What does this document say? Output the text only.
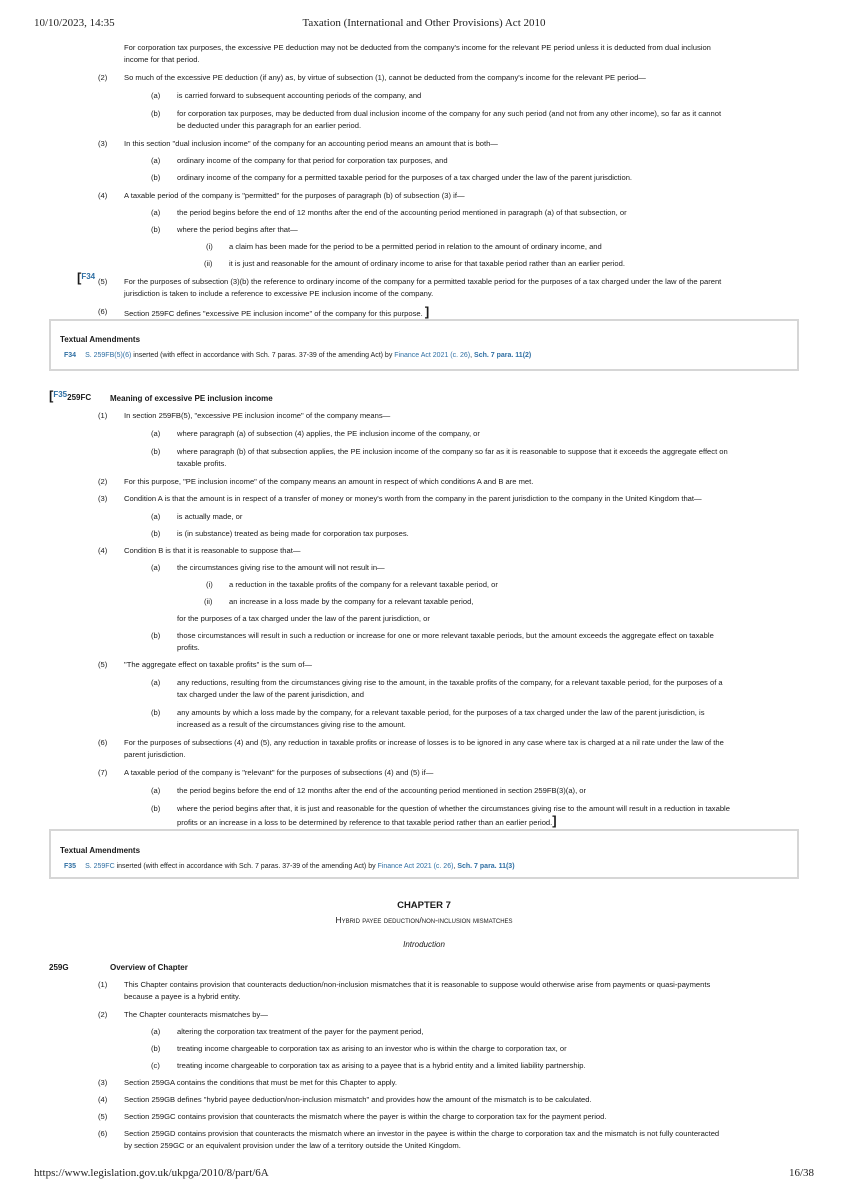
10/10/2023, 14:35	Taxation (International and Other Provisions) Act 2010
For corporation tax purposes, the excessive PE deduction may not be deducted from the company's income for the relevant PE period unless it is deducted from dual inclusion
income for that period.
(2) So much of the excessive PE deduction (if any) as, by virtue of subsection (1), cannot be deducted from the company's income for the relevant PE period—
(a) is carried forward to subsequent accounting periods of the company, and
(b) for corporation tax purposes, may be deducted from dual inclusion income of the company for any such period (and not from any other income), so far as it cannot
be deducted under this paragraph for an earlier period.
(3) In this section "dual inclusion income" of the company for an accounting period means an amount that is both—
(a) ordinary income of the company for that period for corporation tax purposes, and
(b) ordinary income of the company for a permitted taxable period for the purposes of a tax charged under the law of the parent jurisdiction.
(4) A taxable period of the company is "permitted" for the purposes of paragraph (b) of subsection (3) if—
(a) the period begins before the end of 12 months after the end of the accounting period mentioned in paragraph (a) of that subsection, or
(b) where the period begins after that—
(i) a claim has been made for the period to be a permitted period in relation to the amount of ordinary income, and
(ii) it is just and reasonable for the amount of ordinary income to arise for that taxable period rather than an earlier period.
[F34
(5) For the purposes of subsection (3)(b) the reference to ordinary income of the company for a permitted taxable period for the purposes of a tax charged under the law of the parent
jurisdiction is taken to include a reference to excessive PE inclusion income of the company.
(6) Section 259FC defines "excessive PE inclusion income" of the company for this purpose. ]
Textual Amendments
F34 S. 259FB(5)(6) inserted (with effect in accordance with Sch. 7 paras. 37-39 of the amending Act) by Finance Act 2021 (c. 26), Sch. 7 para. 11(2)
[F35259FC Meaning of excessive PE inclusion income
(1) In section 259FB(5), "excessive PE inclusion income" of the company means—
(a) where paragraph (a) of subsection (4) applies, the PE inclusion income of the company, or
(b) where paragraph (b) of that subsection applies, the PE inclusion income of the company so far as it is reasonable to suppose that it exceeds the aggregate effect on
taxable profits.
(2) For this purpose, "PE inclusion income" of the company means an amount in respect of which conditions A and B are met.
(3) Condition A is that the amount is in respect of a transfer of money or money's worth from the company in the parent jurisdiction to the company in the United Kingdom that—
(a) is actually made, or
(b) is (in substance) treated as being made for corporation tax purposes.
(4) Condition B is that it is reasonable to suppose that—
(a) the circumstances giving rise to the amount will not result in—
(i) a reduction in the taxable profits of the company for a relevant taxable period, or
(ii) an increase in a loss made by the company for a relevant taxable period,
for the purposes of a tax charged under the law of the parent jurisdiction, or
(b) those circumstances will result in such a reduction or increase for one or more relevant taxable periods, but the amount exceeds the aggregate effect on taxable
profits.
(5) "The aggregate effect on taxable profits" is the sum of—
(a) any reductions, resulting from the circumstances giving rise to the amount, in the taxable profits of the company, for a relevant taxable period, for the purposes of a
tax charged under the law of the parent jurisdiction, and
(b) any amounts by which a loss made by the company, for a relevant taxable period, for the purposes of a tax charged under the law of the parent jurisdiction, is
increased as a result of the circumstances giving rise to the amount.
(6) For the purposes of subsections (4) and (5), any reduction in taxable profits or increase of losses is to be ignored in any case where tax is charged at a nil rate under the law of the
parent jurisdiction.
(7) A taxable period of the company is "relevant" for the purposes of subsections (4) and (5) if—
(a) the period begins before the end of 12 months after the end of the accounting period mentioned in section 259FB(3)(a), or
(b) where the period begins after that, it is just and reasonable for the question of whether the circumstances giving rise to the amount will result in a reduction in taxable
profits or an increase in a loss to be determined by reference to that taxable period rather than an earlier period.]
Textual Amendments
F35 S. 259FC inserted (with effect in accordance with Sch. 7 paras. 37-39 of the amending Act) by Finance Act 2021 (c. 26), Sch. 7 para. 11(3)
CHAPTER 7
Hybrid payee deduction/non-inclusion mismatches
Introduction
259G	Overview of Chapter
(1) This Chapter contains provision that counteracts deduction/non-inclusion mismatches that it is reasonable to suppose would otherwise arise from payments or quasi-payments
because a payee is a hybrid entity.
(2) The Chapter counteracts mismatches by—
(a) altering the corporation tax treatment of the payer for the payment period,
(b) treating income chargeable to corporation tax as arising to an investor who is within the charge to corporation tax, or
(c) treating income chargeable to corporation tax as arising to a payee that is a hybrid entity and a limited liability partnership.
(3) Section 259GA contains the conditions that must be met for this Chapter to apply.
(4) Section 259GB defines "hybrid payee deduction/non-inclusion mismatch" and provides how the amount of the mismatch is to be calculated.
(5) Section 259GC contains provision that counteracts the mismatch where the payer is within the charge to corporation tax for the payment period.
(6) Section 259GD contains provision that counteracts the mismatch where an investor in the payee is within the charge to corporation tax and the mismatch is not fully counteracted
by section 259GC or an equivalent provision under the law of a territory outside the United Kingdom.
https://www.legislation.gov.uk/ukpga/2010/8/part/6A	16/38
